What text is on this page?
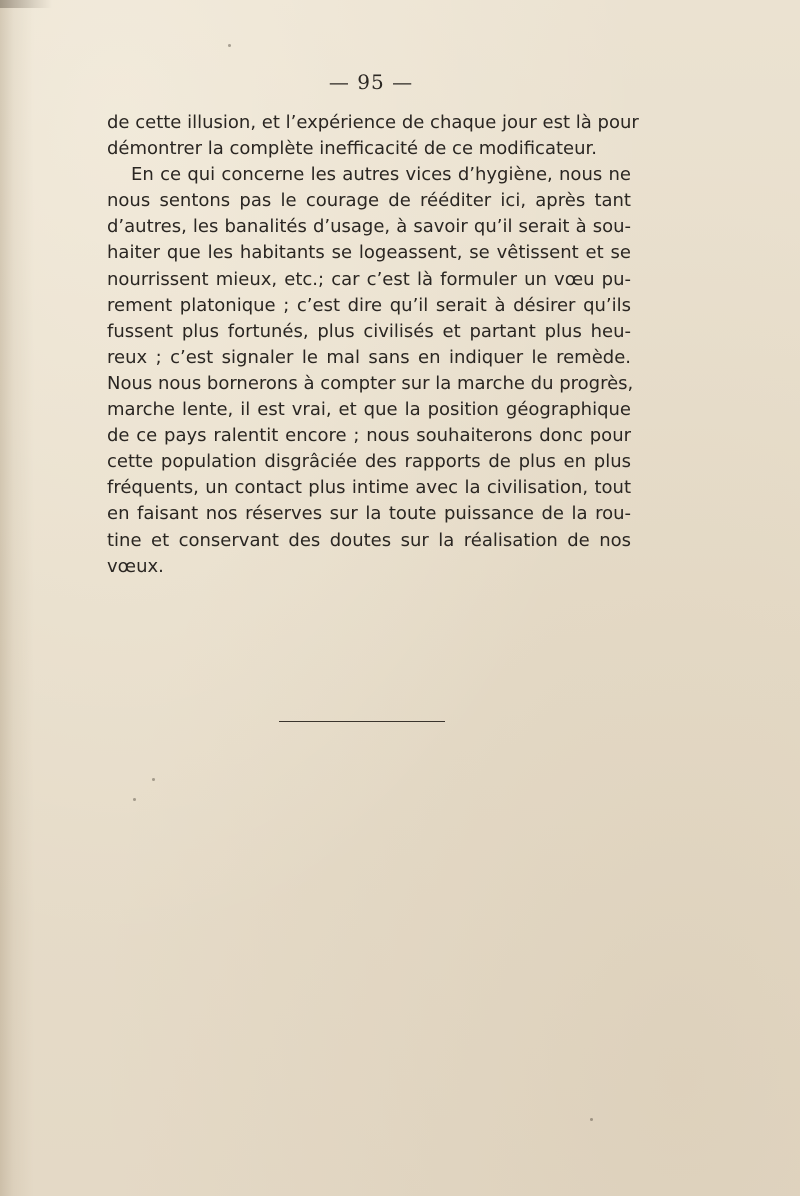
— 95 —
de cette illusion, et l’expérience de chaque jour est là pour
démontrer la complète inefficacité de ce modificateur.
En ce qui concerne les autres vices d’hygiène, nous ne
nous sentons pas le courage de rééditer ici, après tant
d’autres, les banalités d’usage, à savoir qu’il serait à sou-
haiter que les habitants se logeassent, se vêtissent et se
nourrissent mieux, etc.; car c’est là formuler un vœu pu-
rement platonique ; c’est dire qu’il serait à désirer qu’ils
fussent plus fortunés, plus civilisés et partant plus heu-
reux ; c’est signaler le mal sans en indiquer le remède.
Nous nous bornerons à compter sur la marche du progrès,
marche lente, il est vrai, et que la position géographique
de ce pays ralentit encore ; nous souhaiterons donc pour
cette population disgrâciée des rapports de plus en plus
fréquents, un contact plus intime avec la civilisation, tout
en faisant nos réserves sur la toute puissance de la rou-
tine et conservant des doutes sur la réalisation de nos
vœux.
